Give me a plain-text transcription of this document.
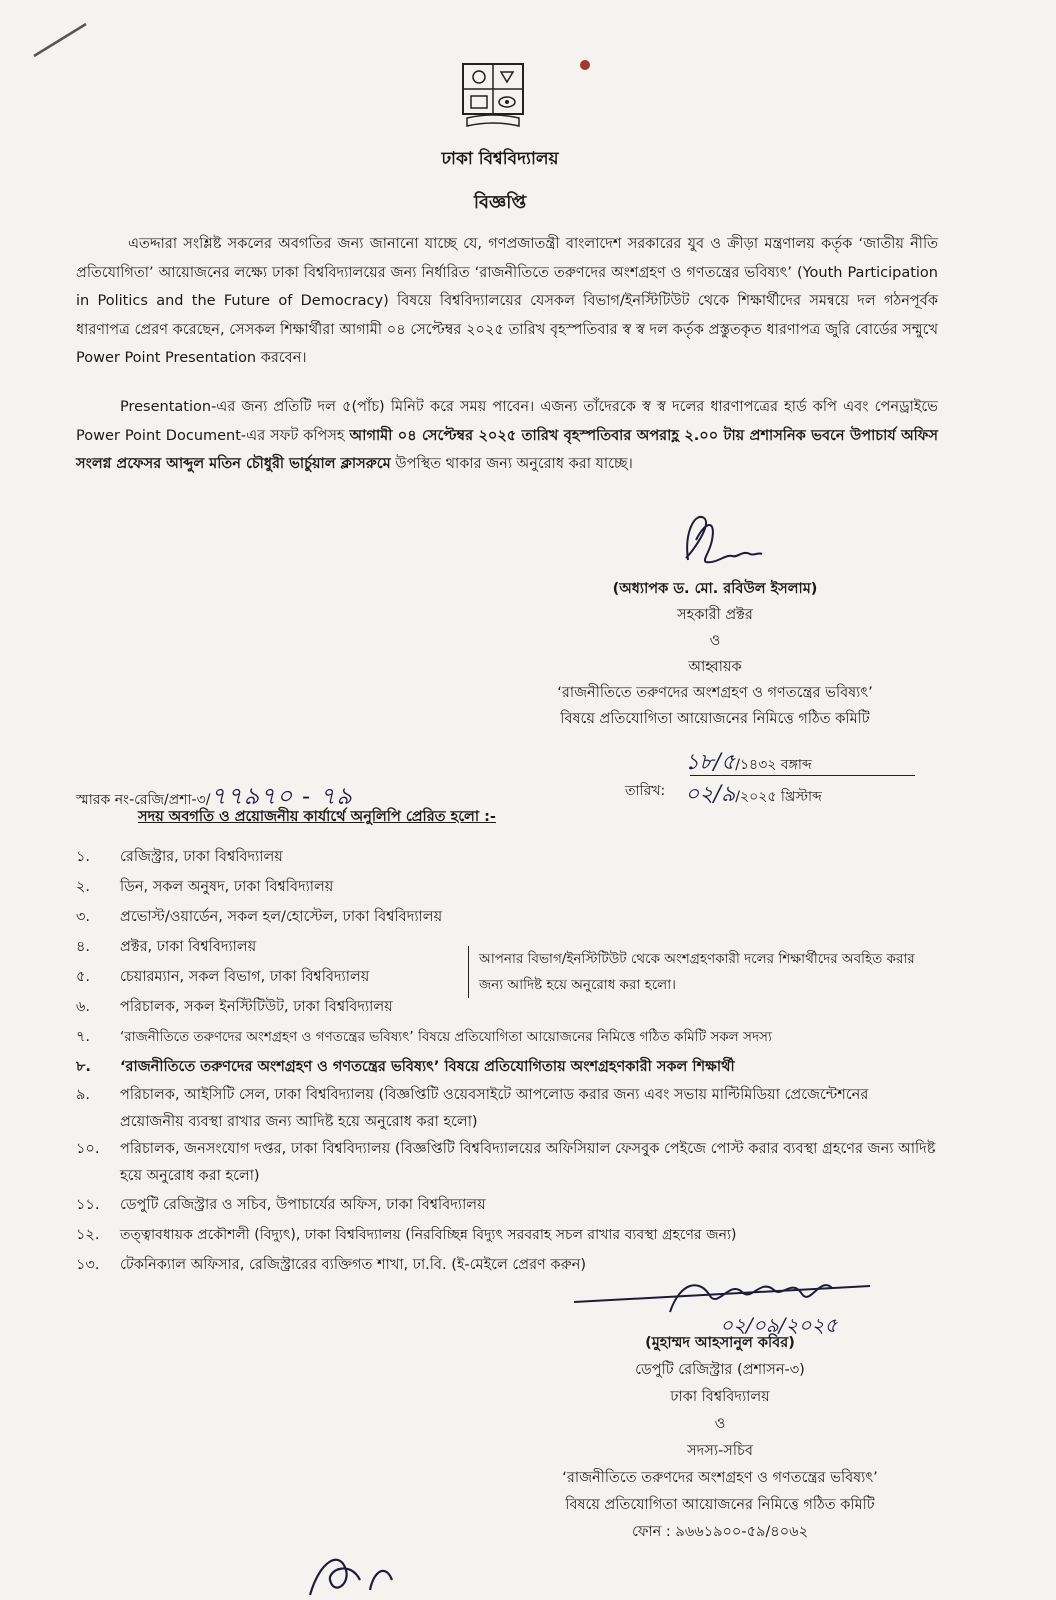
ঢাকা বিশ্ববিদ্যালয়
বিজ্ঞপ্তি
এতদ্দারা সংশ্লিষ্ট সকলের অবগতির জন্য জানানো যাচ্ছে যে, গণপ্রজাতন্ত্রী বাংলাদেশ সরকারের যুব ও ক্রীড়া মন্ত্রণালয় কর্তৃক ‘জাতীয় নীতি প্রতিযোগিতা’ আয়োজনের লক্ষ্যে ঢাকা বিশ্ববিদ্যালয়ের জন্য নির্ধারিত ‘রাজনীতিতে তরুণদের অংশগ্রহণ ও গণতন্ত্রের ভবিষ্যৎ’ (Youth Participation in Politics and the Future of Democracy) বিষয়ে বিশ্ববিদ্যালয়ের যেসকল বিভাগ/ইনস্টিটিউট থেকে শিক্ষার্থীদের সমন্বয়ে দল গঠনপূর্বক ধারণাপত্র প্রেরণ করেছেন, সেসকল শিক্ষার্থীরা আগামী ০৪ সেপ্টেম্বর ২০২৫ তারিখ বৃহস্পতিবার স্ব স্ব দল কর্তৃক প্রস্তুতকৃত ধারণাপত্র জুরি বোর্ডের সম্মুখে Power Point Presentation করবেন।
Presentation-এর জন্য প্রতিটি দল ৫(পাঁচ) মিনিট করে সময় পাবেন। এজন্য তাঁদেরকে স্ব স্ব দলের ধারণাপত্রের হার্ড কপি এবং পেনড্রাইভে Power Point Document-এর সফট কপিসহ আগামী ০৪ সেপ্টেম্বর ২০২৫ তারিখ বৃহস্পতিবার অপরাহ্ণ ২.০০ টায় প্রশাসনিক ভবনে উপাচার্য অফিস সংলগ্ন প্রফেসর আব্দুল মতিন চৌধুরী ভার্চুয়াল ক্লাসরুমে উপস্থিত থাকার জন্য অনুরোধ করা যাচ্ছে।
(অধ্যাপক ড. মো. রবিউল ইসলাম)
সহকারী প্রক্টর
ও
আহ্বায়ক
‘রাজনীতিতে তরুণদের অংশগ্রহণ ও গণতন্ত্রের ভবিষ্যৎ’
বিষয়ে প্রতিযোগিতা আয়োজনের নিমিত্তে গঠিত কমিটি
স্মারক নং-রেজি/প্রশা-৩/৭৭৯৭০ - ৭৯	তারিখ:
১৮/৫/১৪৩২ বঙ্গাব্দ
০২/৯/২০২৫ খ্রিস্টাব্দ
সদয় অবগতি ও প্রয়োজনীয় কার্যার্থে অনুলিপি প্রেরিত হলো :-
১.	রেজিস্ট্রার, ঢাকা বিশ্ববিদ্যালয়
২.	ডিন, সকল অনুষদ, ঢাকা বিশ্ববিদ্যালয়
৩.	প্রভোস্ট/ওয়ার্ডেন, সকল হল/হোস্টেল, ঢাকা বিশ্ববিদ্যালয়
৪.	প্রক্টর, ঢাকা বিশ্ববিদ্যালয়
৫.	চেয়ারম্যান, সকল বিভাগ, ঢাকা বিশ্ববিদ্যালয়
৬.	পরিচালক, সকল ইনস্টিটিউট, ঢাকা বিশ্ববিদ্যালয়
৭.	‘রাজনীতিতে তরুণদের অংশগ্রহণ ও গণতন্ত্রের ভবিষ্যৎ’ বিষয়ে প্রতিযোগিতা আয়োজনের নিমিত্তে গঠিত কমিটি সকল সদস্য
৮.	‘রাজনীতিতে তরুণদের অংশগ্রহণ ও গণতন্ত্রের ভবিষ্যৎ’ বিষয়ে প্রতিযোগিতায় অংশগ্রহণকারী সকল শিক্ষার্থী
৯.	পরিচালক, আইসিটি সেল, ঢাকা বিশ্ববিদ্যালয় (বিজ্ঞপ্তিটি ওয়েবসাইটে আপলোড করার জন্য এবং সভায় মাল্টিমিডিয়া প্রেজেন্টেশনের প্রয়োজনীয় ব্যবস্থা রাখার জন্য আদিষ্ট হয়ে অনুরোধ করা হলো)
১০.	পরিচালক, জনসংযোগ দপ্তর, ঢাকা বিশ্ববিদ্যালয় (বিজ্ঞপ্তিটি বিশ্ববিদ্যালয়ের অফিসিয়াল ফেসবুক পেইজে পোস্ট করার ব্যবস্থা গ্রহণের জন্য আদিষ্ট হয়ে অনুরোধ করা হলো)
১১.	ডেপুটি রেজিস্ট্রার ও সচিব, উপাচার্যের অফিস, ঢাকা বিশ্ববিদ্যালয়
১২.	তত্ত্বাবধায়ক প্রকৌশলী (বিদ্যুৎ), ঢাকা বিশ্ববিদ্যালয় (নিরবিচ্ছিন্ন বিদ্যুৎ সরবরাহ সচল রাখার ব্যবস্থা গ্রহণের জন্য)
১৩.	টেকনিক্যাল অফিসার, রেজিস্ট্রারের ব্যক্তিগত শাখা, ঢা.বি. (ই-মেইলে প্রেরণ করুন)
আপনার বিভাগ/ইনস্টিটিউট থেকে অংশগ্রহণকারী দলের শিক্ষার্থীদের অবহিত করার জন্য আদিষ্ট হয়ে অনুরোধ করা হলো।
০২/০৯/২০২৫
(মুহাম্মদ আহসানুল কবির)
ডেপুটি রেজিস্ট্রার (প্রশাসন-৩)
ঢাকা বিশ্ববিদ্যালয়
ও
সদস্য-সচিব
‘রাজনীতিতে তরুণদের অংশগ্রহণ ও গণতন্ত্রের ভবিষ্যৎ’
বিষয়ে প্রতিযোগিতা আয়োজনের নিমিত্তে গঠিত কমিটি
ফোন : ৯৬৬১৯০০-৫৯/৪০৬২
